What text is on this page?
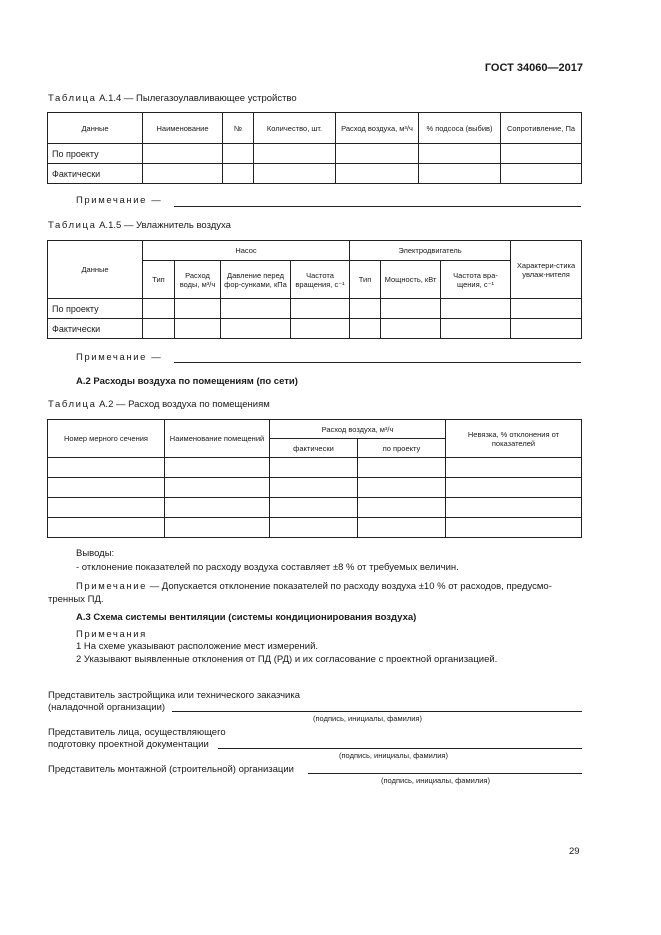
ГОСТ 34060—2017
Таблица А.1.4 — Пылегазоулавливающее устройство
Данные	Наименование	№	Количество, шт.	Расход воздуха, м³/ч	% подсоса (выбив)	Сопротивление, Па
По проекту						
Фактически						
Примечание —
Таблица А.1.5 — Увлажнитель воздуха
Данные	Насос				Электродвигатель			Характери-стика увлаж-нителя
	Тип	Расход воды, м³/ч	Давление перед фор-сунками, кПа	Частота вращения, с⁻¹	Тип	Мощность, кВт	Частота вра-щения, с⁻¹	
По проекту								
Фактически								
Примечание —
А.2 Расходы воздуха по помещениям (по сети)
Таблица А.2 — Расход воздуха по помещениям
Номер мерного сечения	Наименование помещений	Расход воздуха, м³/ч		Невязка, % отклонения от показателей
		фактически	по проекту	

Выводы:
- отклонение показателей по расходу воздуха составляет ±8 % от требуемых величин.
Примечание — Допускается отклонение показателей по расходу воздуха ±10 % от расходов, предусмо-
тренных ПД.
А.3 Схема системы вентиляции (системы кондиционирования воздуха)
Примечания
1 На схеме указывают расположение мест измерений.
2 Указывают выявленные отклонения от ПД (РД) и их согласование с проектной организацией.
Представитель застройщика или технического заказчика
(наладочной организации)
(подпись, инициалы, фамилия)
Представитель лица, осуществляющего
подготовку проектной документации
(подпись, инициалы, фамилия)
Представитель монтажной (строительной) организации
(подпись, инициалы, фамилия)
29
